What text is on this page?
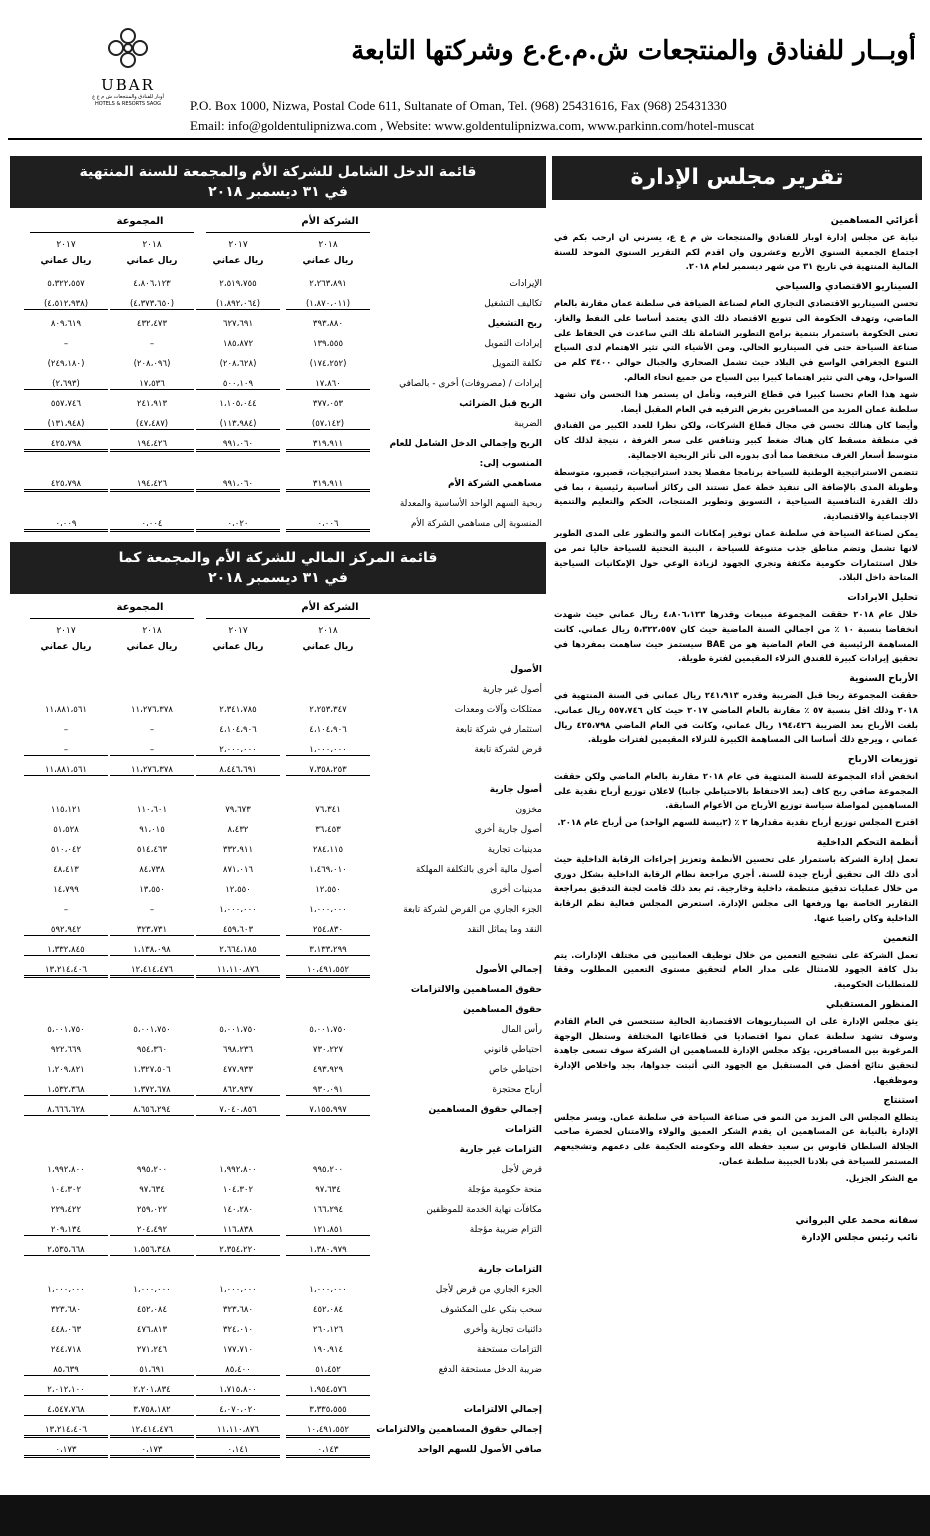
UBAR
أوبار للفنادق والمنتجعات ش م ع ع
HOTELS & RESORTS SAOG
أوبــار للفنادق والمنتجعات ش.م.ع.ع وشركتها التابعة
P.O. Box 1000, Nizwa, Postal Code 611, Sultanate of Oman, Tel. (968) 25431616, Fax (968) 25431330
Email: info@goldentulipnizwa.com , Website: www.goldentulipnizwa.com, www.parkinn.com/hotel-muscat
تقرير مجلس الإدارة
أعزائي المساهمين

نيابة عن مجلس إدارة اوبار للفنادق والمنتجعات ش م ع ع، يسرني ان ارحب بكم في اجتماع الجمعية السنوي الأربع وعشرون وان اقدم لكم التقرير السنوي الموحد للسنة المالية المنتهية في تاريخ ٣١ من شهر ديسمبر لعام ٢٠١٨.

السيناريو الاقتصادي والسياحي

تحسن السيناريو الاقتصادي التجاري العام لصناعة الضيافة في سلطنة عمان مقارنة بالعام الماضي، وتهدف الحكومة الى تنويع الاقتصاد ذلك الذي يعتمد أساسا على النفط والغاز. تعنى الحكومة باستمرار بتنمية برامج التطوير الشاملة تلك التي ساعدت في الحفاظ على صناعة السياحة حتى في السيناريو الحالي. ومن الأشياء التي تثير الاهتمام لدى السياح التنوع الجغرافي الواسع في البلاد حيث تشمل الصحاري والجبال حوالي ٣٤٠٠ كلم من السواحل، وهي التي تثير اهتماما كبيرا بين السياح من جميع انحاء العالم.

شهد هذا العام تحسنا كبيرا في قطاع الترفيه، وتأمل ان يستمر هذا التحسن وان تشهد سلطنة عمان المزيد من المسافرين بغرض الترفيه في العام المقبل أيضا.

وأيضا كان هنالك تحسن في مجال قطاع الشركات، ولكن نظرا للعدد الكبير من الفنادق في منطقة مسقط كان هناك ضغط كبير وتنافس على سعر الغرفة ، نتيجة لذلك كان متوسط أسعار الغرف منخفضا مما أدى بدوره الى تأثر الربحية الاجمالية.

تتضمن الاستراتيجية الوطنية للسياحة برنامجا مفصلا يحدد استراتيجيات، قصيرو، متوسطة وطويلة المدى بالإضافة الى تنفيذ خطة عمل تستند الى ركائز أساسية رئيسية ، بما في ذلك القدرة التنافسية السياحية ، التسويق وتطوير المنتجات، الحكم والتعليم والتنمية الاجتماعية والاقتصادية.

يمكن لصناعة السياحة في سلطنة عمان توفير إمكانات النمو والتطور على المدى الطوير لانها تشمل وتضم مناطق جذب متنوعة للسياحة ، البنية التحتية للسياحة حاليا تمر من خلال استثمارات حكومية مكثفة وتجري الجهود لزيادة الوعي حول الإمكانيات السياحية المتاحة داخل البلاد.

تحليل الايرادات

خلال عام ٢٠١٨ حققت المجموعة مبيعات وقدرها ٤،٨٠٦،١٢٣ ريال عماني حيث شهدت انخفاضا بنسبة ١٠ ٪ من اجمالي السنة الماضية حيث كان ٥،٣٢٢،٥٥٧ ريال عماني. كانت المساهمة الرئيسية في العام الماضية هو من BAE سيستمز حيث ساهمت بمفردها في تحقيق إيرادات كبيرة للفندق النزلاء المقيمين لفترة طويلة.

الأرباح السنوية

حققت المجموعة ربحا قبل الضريبة وقدره ٢٤١،٩١٣ ريال عماني في السنة المنتهية في ٢٠١٨ وذلك اقل بنسبة ٥٧ ٪ مقارنة بالعام الماضي ٢٠١٧ حيث كان ٥٥٧،٧٤٦ ريال عماني. بلغت الأرباح بعد الضريبة ١٩٤،٤٢٦ ريال عماني، وكانت في العام الماضي ٤٢٥،٧٩٨ ريال عماني ، ويرجع ذلك أساسا الى المساهمة الكبيرة للنزلاء المقيمين لفترات طويلة.

توزيعات الارباح

انخفض أداء المجموعة للسنة المنتهية في عام ٢٠١٨ مقارنة بالعام الماضي ولكن حققت المجموعة صافي ربح كاف (بعد الاحتفاظ بالاحتياطي جانبا) لاعلان توزيع أرباح نقدية على المساهمين لمواصلة سياسة توزيع الأرباح من الأعوام السابقة.

اقترح المجلس توزيع أرباح نقدية مقدارها ٢ ٪ (٢بيسة للسهم الواحد) من أرباح عام ٢٠١٨.

أنظمة التحكم الداخلية

تعمل إدارة الشركة باستمرار على تحسين الأنظمة وتعزيز إجراءات الرقابة الداخلية حيث أدى ذلك الى تحقيق أرباح جيدة للسنة. أجري مراجعة نظام الرقابة الداخلية بشكل دوري من خلال عمليات تدقيق منتظمة، داخلية وخارجية. ثم بعد ذلك قامت لجنة التدقيق بمراجعة التقارير الخاصة بها ورفعها الى مجلس الإدارة. استعرض المجلس فعالية نظم الرقابة الداخلية وكان راضيا عنها.

التعمين

تعمل الشركة على تشجيع التعمين من خلال توظيف العمانيين في مختلف الإدارات. يتم بذل كافة الجهود للامتثال على مدار العام لتحقيق مستوى التعمين المطلوب وفقا للمتطلبات الحكومية.

المنظور المستقبلي

يثق مجلس الإدارة على ان السيناريوهات الاقتصادية الحالية ستتحسن في العام القادم وسوف تشهد سلطنة عمان نموا اقتصاديا في قطاعاتها المختلفة وستظل الوجهة المرغوبة بين المسافرين. يؤكد مجلس الإدارة للمساهمين ان الشركة سوف تسعى جاهدة لتحقيق نتائج أفضل في المستقبل مع الجهود التي أثبتت جدواها، بجد واخلاص الإدارة وموظفيها.

استنتاج

يتطلع المجلس الى المزيد من النمو في صناعة السياحة في سلطنة عمان. ويسر مجلس الإدارة بالنيابة عن المساهمين ان يقدم الشكر العميق والولاء والامتنان لحضرة صاحب الجلالة السلطان قابوس بن سعيد حفظه الله وحكومته الحكيمة على دعمهم وتشجيعهم المستمر للسياحة في بلادنا الحبيبة سلطنة عمان.

مع الشكر الجزيل.

سفانه محمد علي البرواني
نائب رئيس مجلس الإدارة
قائمة الدخل الشامل للشركة الأم والمجمعة للسنة المنتهية
في ٣١ ديسمبر ٢٠١٨
الشركة الأم
المجموعة
٢٠١٨
ريال عماني
٢٠١٧
ريال عماني
٢٠١٨
ريال عماني
٢٠١٧
ريال عماني
الإيرادات
٢،٢٦٣،٨٩١
٢،٥١٩،٧٥٥
٤،٨٠٦،١٢٣
٥،٣٢٢،٥٥٧
تكاليف التشغيل
(١،٨٧٠،٠١١)
(١،٨٩٢،٠٦٤)
(٤،٣٧٣،٦٥٠)
(٤،٥١٢،٩٣٨)
ربح التشغيل
٣٩٣،٨٨٠
٦٢٧،٦٩١
٤٣٢،٤٧٣
٨٠٩،٦١٩
إيرادات التمويل
١٣٩،٥٥٥
١٨٥،٨٧٢
–
–
تكلفة التمويل
(١٧٤،٢٥٢)
(٢٠٨،٦٢٨)
(٢٠٨،٠٩٦)
(٢٤٩،١٨٠)
إيرادات / (مصروفات) أخرى - بالصافي
١٧،٨٦٠
٥٠٠،١٠٩
١٧،٥٣٦
(٢،٦٩٣)
الربح قبل الضرائب
٣٧٧،٠٥٣
١،١٠٥،٠٤٤
٢٤١،٩١٣
٥٥٧،٧٤٦
الضريبة
(٥٧،١٤٢)
(١١٣،٩٨٤)
(٤٧،٤٨٧)
(١٣١،٩٤٨)
الربح وإجمالي الدخل الشامل للعام
٣١٩،٩١١
٩٩١،٠٦٠
١٩٤،٤٢٦
٤٢٥،٧٩٨
المنسوب إلى:
مساهمي الشركة الأم
٣١٩،٩١١
٩٩١،٠٦٠
١٩٤،٤٢٦
٤٢٥،٧٩٨
ربحية السهم الواحد الأساسية والمعدلة
المنسوبة إلى مساهمي الشركة الأم
٠،٠٠٦
٠،٠٢٠
٠،٠٠٤
٠،٠٠٩
قائمة المركز المالي للشركة الأم والمجمعة كما
في ٣١ ديسمبر ٢٠١٨
الشركة الأم
المجموعة
٢٠١٨
ريال عماني
٢٠١٧
ريال عماني
٢٠١٨
ريال عماني
٢٠١٧
ريال عماني
الأصول
أصول غير جارية
ممتلكات وآلات ومعدات
٢،٢٥٣،٣٤٧
٢،٣٤١،٧٨٥
١١،٢٧٦،٣٧٨
١١،٨٨١،٥٦١
استثمار في شركة تابعة
٤،١٠٤،٩٠٦
٤،١٠٤،٩٠٦
–
–
قرض لشركة تابعة
١،٠٠٠،٠٠٠
٢،٠٠٠،٠٠٠
–
–
٧،٣٥٨،٢٥٣
٨،٤٤٦،٦٩١
١١،٢٧٦،٣٧٨
١١،٨٨١،٥٦١
أصول جارية
مخزون
٧٦،٣٤١
٧٩،٦٧٣
١١٠،٦٠١
١١٥،١٢١
أصول جارية أخرى
٣٦،٤٥٣
٨،٤٣٢
٩١،٠١٥
٥١،٥٢٨
مدينيات تجارية
٢٨٤،١١٥
٣٣٢،٩١١
٥١٤،٤٦٣
٥١٠،٠٤٢
أصول مالية أخرى بالتكلفة المهلكة
١،٤٦٩،٠١٠
٨٧١،٠١٦
٨٤،٧٣٨
٤٨،٤١٣
مدينيات أخرى
١٢،٥٥٠
١٢،٥٥٠
١٣،٥٥٠
١٤،٧٩٩
الجزء الجاري من القرض لشركة تابعة
١،٠٠٠،٠٠٠
١،٠٠٠،٠٠٠
–
–
النقد وما يماثل النقد
٢٥٤،٨٣٠
٤٥٩،٦٠٣
٣٢٣،٧٣١
٥٩٢،٩٤٢
٣،١٣٣،٢٩٩
٢،٦٦٤،١٨٥
١،١٣٨،٠٩٨
١،٣٣٢،٨٤٥
إجمالي الأصول
١٠،٤٩١،٥٥٢
١١،١١٠،٨٧٦
١٢،٤١٤،٤٧٦
١٣،٢١٤،٤٠٦
حقوق المساهمين والالتزامات
حقوق المساهمين
رأس المال
٥،٠٠١،٧٥٠
٥،٠٠١،٧٥٠
٥،٠٠١،٧٥٠
٥،٠٠١،٧٥٠
احتياطي قانوني
٧٣٠،٢٢٧
٦٩٨،٢٣٦
٩٥٤،٣٦٠
٩٢٢،٦٦٩
احتياطي خاص
٤٩٣،٩٢٩
٤٧٧،٩٣٣
١،٣٢٧،٥٠٦
١،٢٠٩،٨٢١
أرباح محتجزة
٩٣٠،٠٩١
٨٦٢،٩٣٧
١،٣٧٢،٦٧٨
١،٥٣٢،٣٦٨
إجمالي حقوق المساهمين
٧،١٥٥،٩٩٧
٧،٠٤٠،٨٥٦
٨،٦٥٦،٢٩٤
٨،٦٦٦،٦٢٨
التزامات
التزامات غير جارية
قرض لأجل
٩٩٥،٢٠٠
١،٩٩٢،٨٠٠
٩٩٥،٢٠٠
١،٩٩٢،٨٠٠
منحة حكومية مؤجلة
٩٧،٦٣٤
١٠٤،٣٠٢
٩٧،٦٣٤
١٠٤،٣٠٢
مكافآت نهاية الخدمة للموظفين
١٦٦،٢٩٤
١٤٠،٢٨٠
٢٥٩،٠٢٢
٢٢٩،٤٢٢
التزام ضريبة مؤجلة
١٢١،٨٥١
١١٦،٨٣٨
٢٠٤،٤٩٢
٢٠٩،١٣٤
١،٣٨٠،٩٧٩
٢،٣٥٤،٢٢٠
١،٥٥٦،٣٤٨
٢،٥٣٥،٦٦٨
التزامات جارية
الجزء الجاري من قرض لأجل
١،٠٠٠،٠٠٠
١،٠٠٠،٠٠٠
١،٠٠٠،٠٠٠
١،٠٠٠،٠٠٠
سحب بنكي على المكشوف
٤٥٢،٠٨٤
٣٢٣،٦٨٠
٤٥٢،٠٨٤
٣٢٣،٦٨٠
دائنيات تجارية وأخرى
٢٦٠،١٢٦
٣٢٤،٠١٠
٤٧٦،٨١٣
٤٤٨،٠٦٣
التزامات مستحقة
١٩٠،٩١٤
١٧٧،٧١٠
٢٧١،٢٤٦
٢٤٤،٧١٨
ضريبة الدخل مستحقة الدفع
٥١،٤٥٢
٨٥،٤٠٠
٥١،٦٩١
٨٥،٦٣٩
١،٩٥٤،٥٧٦
١،٧١٥،٨٠٠
٢،٢٠١،٨٣٤
٢،٠١٢،١٠٠
إجمالي الالتزامات
٣،٣٣٥،٥٥٥
٤،٠٧٠،٠٢٠
٣،٧٥٨،١٨٢
٤،٥٤٧،٧٦٨
إجمالي حقوق المساهمين والالتزامات
١٠،٤٩١،٥٥٢
١١،١١٠،٨٧٦
١٢،٤١٤،٤٧٦
١٣،٢١٤،٤٠٦
صافي الأصول للسهم الواحد
٠،١٤٣
٠،١٤١
٠،١٧٣
٠،١٧٣
